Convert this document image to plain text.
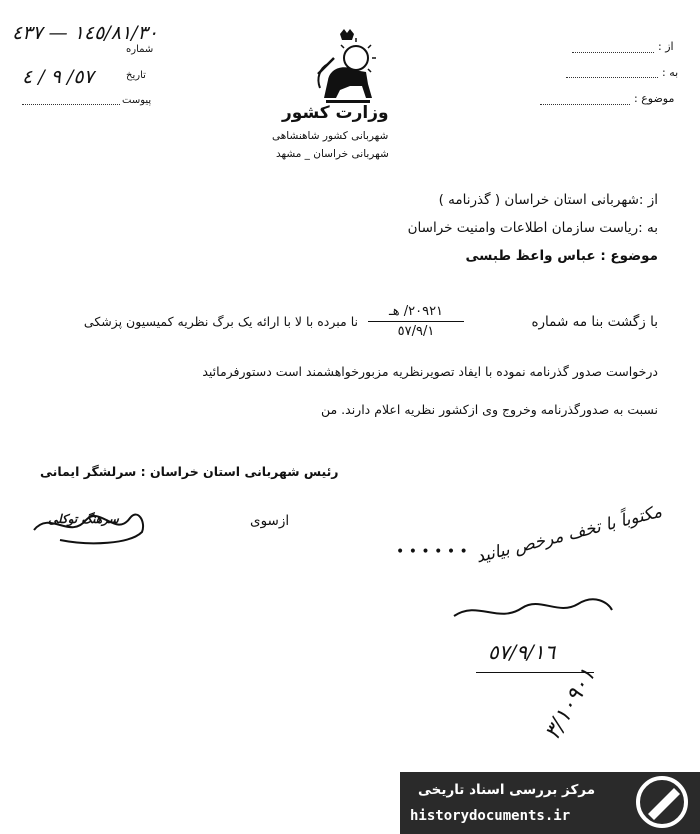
١٤٥/٨١/٣٠ — ٤٣٧
شماره
٥٧/ ٩ / ٤	تاریخ
پیوست
وزارت کشور
شهربانی کشور شاهنشاهی
شهربانی خراسان _ مشهد
از :
به :
موضوع :
از :شهربانی استان خراسان ( گذرنامه )
به :ریاست سازمان اطلاعات وامنیت خراسان
موضوع : عباس واعظ طبسی
با زگشت بنا مه شماره
٢٠٩٢١/ هـ
٥٧/٩/١
نا مبرده با لا با ارائه یک برگ نظریه کمیسیون پزشکی
درخواست صدور گذرنامه نموده با ایفاد تصویرنظریه مزبورخواهشمند است دستورفرمائید
نسبت به صدورگذرنامه وخروج وی ازکشور نظریه اعلام دارند. من
رئیس شهربانی استان خراسان : سرلشگر ایمانی
ازسوی
سرهنگ توکلی
• • • • • • مکتوباً با تخف مرخص بیانید
٥٧/٩/١٦
٣/١٠٩٠١
مرکز بررسی اسناد تاریخی
historydocuments.ir
